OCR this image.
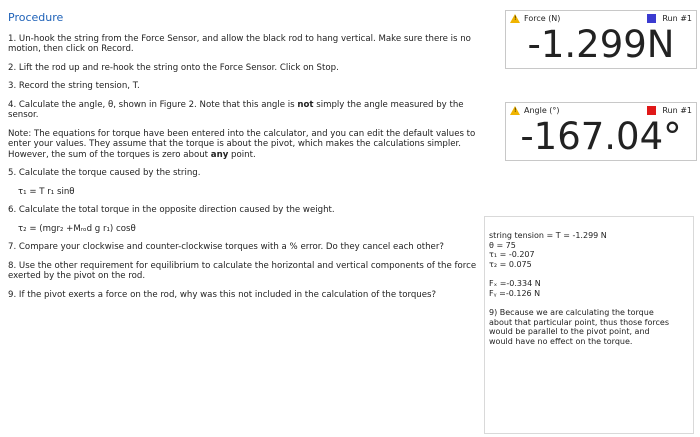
Procedure
1. Un-hook the string from the Force Sensor, and allow the black rod to hang vertical. Make sure there is no motion, then click on Record.
2. Lift the rod up and re-hook the string onto the Force Sensor. Click on Stop.
3. Record the string tension, T.
4. Calculate the angle, θ, shown in Figure 2. Note that this angle is not simply the angle measured by the sensor.
Note: The equations for torque have been entered into the calculator, and you can edit the default values to enter your values. They assume that the torque is about the pivot, which makes the calculations simpler. However, the sum of the torques is zero about any point.
5. Calculate the torque caused by the string.
τ₁ = T r₁ sinθ
6. Calculate the total torque in the opposite direction caused by the weight.
τ₂ = (mgr₂ +Mᵣₒd g r₁) cosθ
7. Compare your clockwise and counter-clockwise torques with a % error. Do they cancel each other?
8. Use the other requirement for equilibrium to calculate the horizontal and vertical components of the force exerted by the pivot on the rod.
9. If the pivot exerts a force on the rod, why was this not included in the calculation of the torques?
!
Force (N)	Run #1
-1.299N
!
Angle (°)	Run #1
-167.04°
string tension = T = -1.299 N
θ = 75
τ₁ = -0.207
τ₂ = 0.075
Fₓ =-0.334 N
Fᵧ =-0.126 N
9) Because we are calculating the torque
about that particular point, thus those forces
would be parallel to the pivot point, and
would have no effect on the torque.
